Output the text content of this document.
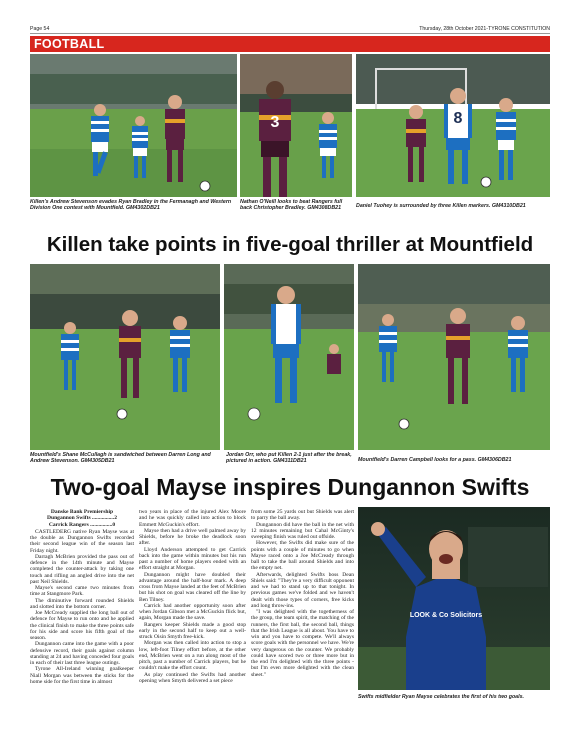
Page 54	Thursday, 28th October 2021-TYRONE CONSTITUTION
FOOTBALL
3	8
Killen's Andrew Stevenson evades Ryan Bradley in the Fermanagh and Western Division One contest with Mountfield. GM4302DB21
Nathan O'Neill looks to beat Rangers full back Christopher Bradley. GM4308DB21	Daniel Tuohey is surrounded by three Killen markers. GM4310DB21
Killen take points in five-goal thriller at Mountfield
Mountfield's Shane McCullagh is sandwiched between Darren Long and Andrew Stevenson. GM4305DB21
Jordan Orr, who put Killen 2-1 just after the break, pictured in action. GM4311DB21	Mountfield's Darren Campbell looks for a pass. GM4306DB21
Two-goal Mayse inspires Dungannon Swifts
Danske Bank Premiership
Dungannon Swifts ................2
Carrick Rangers ................0

CASTLEDERG native Ryan Mayse was at the double as Dungannon Swifts recorded their second league win of the season last Friday night.

Darragh McBrien provided the pass out of defence in the 14th minute and Mayse completed the counter-attack by taking one touch and rifling an angled drive into the net past Neil Shields.

Mayse's second came two minutes from time at Stangmore Park.

The diminutive forward rounded Shields and slotted into the bottom corner.

Joe McCready supplied the long ball out of defence for Mayse to run onto and he applied the clinical finish to make the three points safe for his side and score his fifth goal of the season.

Dungannon came into the game with a poor defensive record, their goals against column standing at 24 and having conceded four goals in each of their last three league outings.

Tyrone All-Ireland winning goalkeeper Niall Morgan was between the sticks for the home side for the first time in almost

two years in place of the injured Alex Moore and he was quickly called into action to block Emmett McGuckin's effort.

Mayse then had a drive well palmed away by Shields, before he broke the deadlock soon after.

Lloyd Anderson attempted to get Carrick back into the game within minutes but his run past a number of home players ended with an effort straight at Morgan.

Dungannon might have doubled their advantage around the half-hour mark. A deep cross from Mayse landed at the feet of McBrien but his shot on goal was cleared off the line by Ben Tilney.

Carrick had another opportunity soon after when Jordan Gibson met a McGuckin flick but, again, Morgan made the save.

Rangers keeper Shields made a good stop early in the second half to keep out a well-struck Oisin Smyth free-kick.

Morgan was then called into action to stop a low, left-foot Tilney effort before, at the other end, McBrien went on a run along most of the pitch, past a number of Carrick players, but he couldn't make the effort count.

As play continued the Swifts had another opening when Smyth delivered a set piece

from some 25 yards out but Shields was alert to parry the ball away.

Dungannon did have the ball in the net with 12 minutes remaining but Cahal McGinty's sweeping finish was ruled out offside.

However, the Swifts did make sure of the points with a couple of minutes to go when Mayse raced onto a Joe McCready through ball to take the ball around Shields and into the empty net.

Afterwards, delighted Swifts boss Dean Shiels said: "They're a very difficult opponent and we had to stand up to that tonight. In previous games we've folded and we haven't dealt with those types of corners, free kicks and long throw-ins.

"I was delighted with the togetherness of the group, the team spirit, the matching of the runners, the first ball, the second ball, things that the Irish League is all about. You have to win and you have to compete. We'll always score goals with the personnel we have. We're very dangerous on the counter. We probably could have scored two or three more but in the end I'm delighted with the three points - but I'm even more delighted with the clean sheet."

LOOK & Co Solicitors
Swifts midfielder Ryan Mayse celebrates the first of his two goals.
